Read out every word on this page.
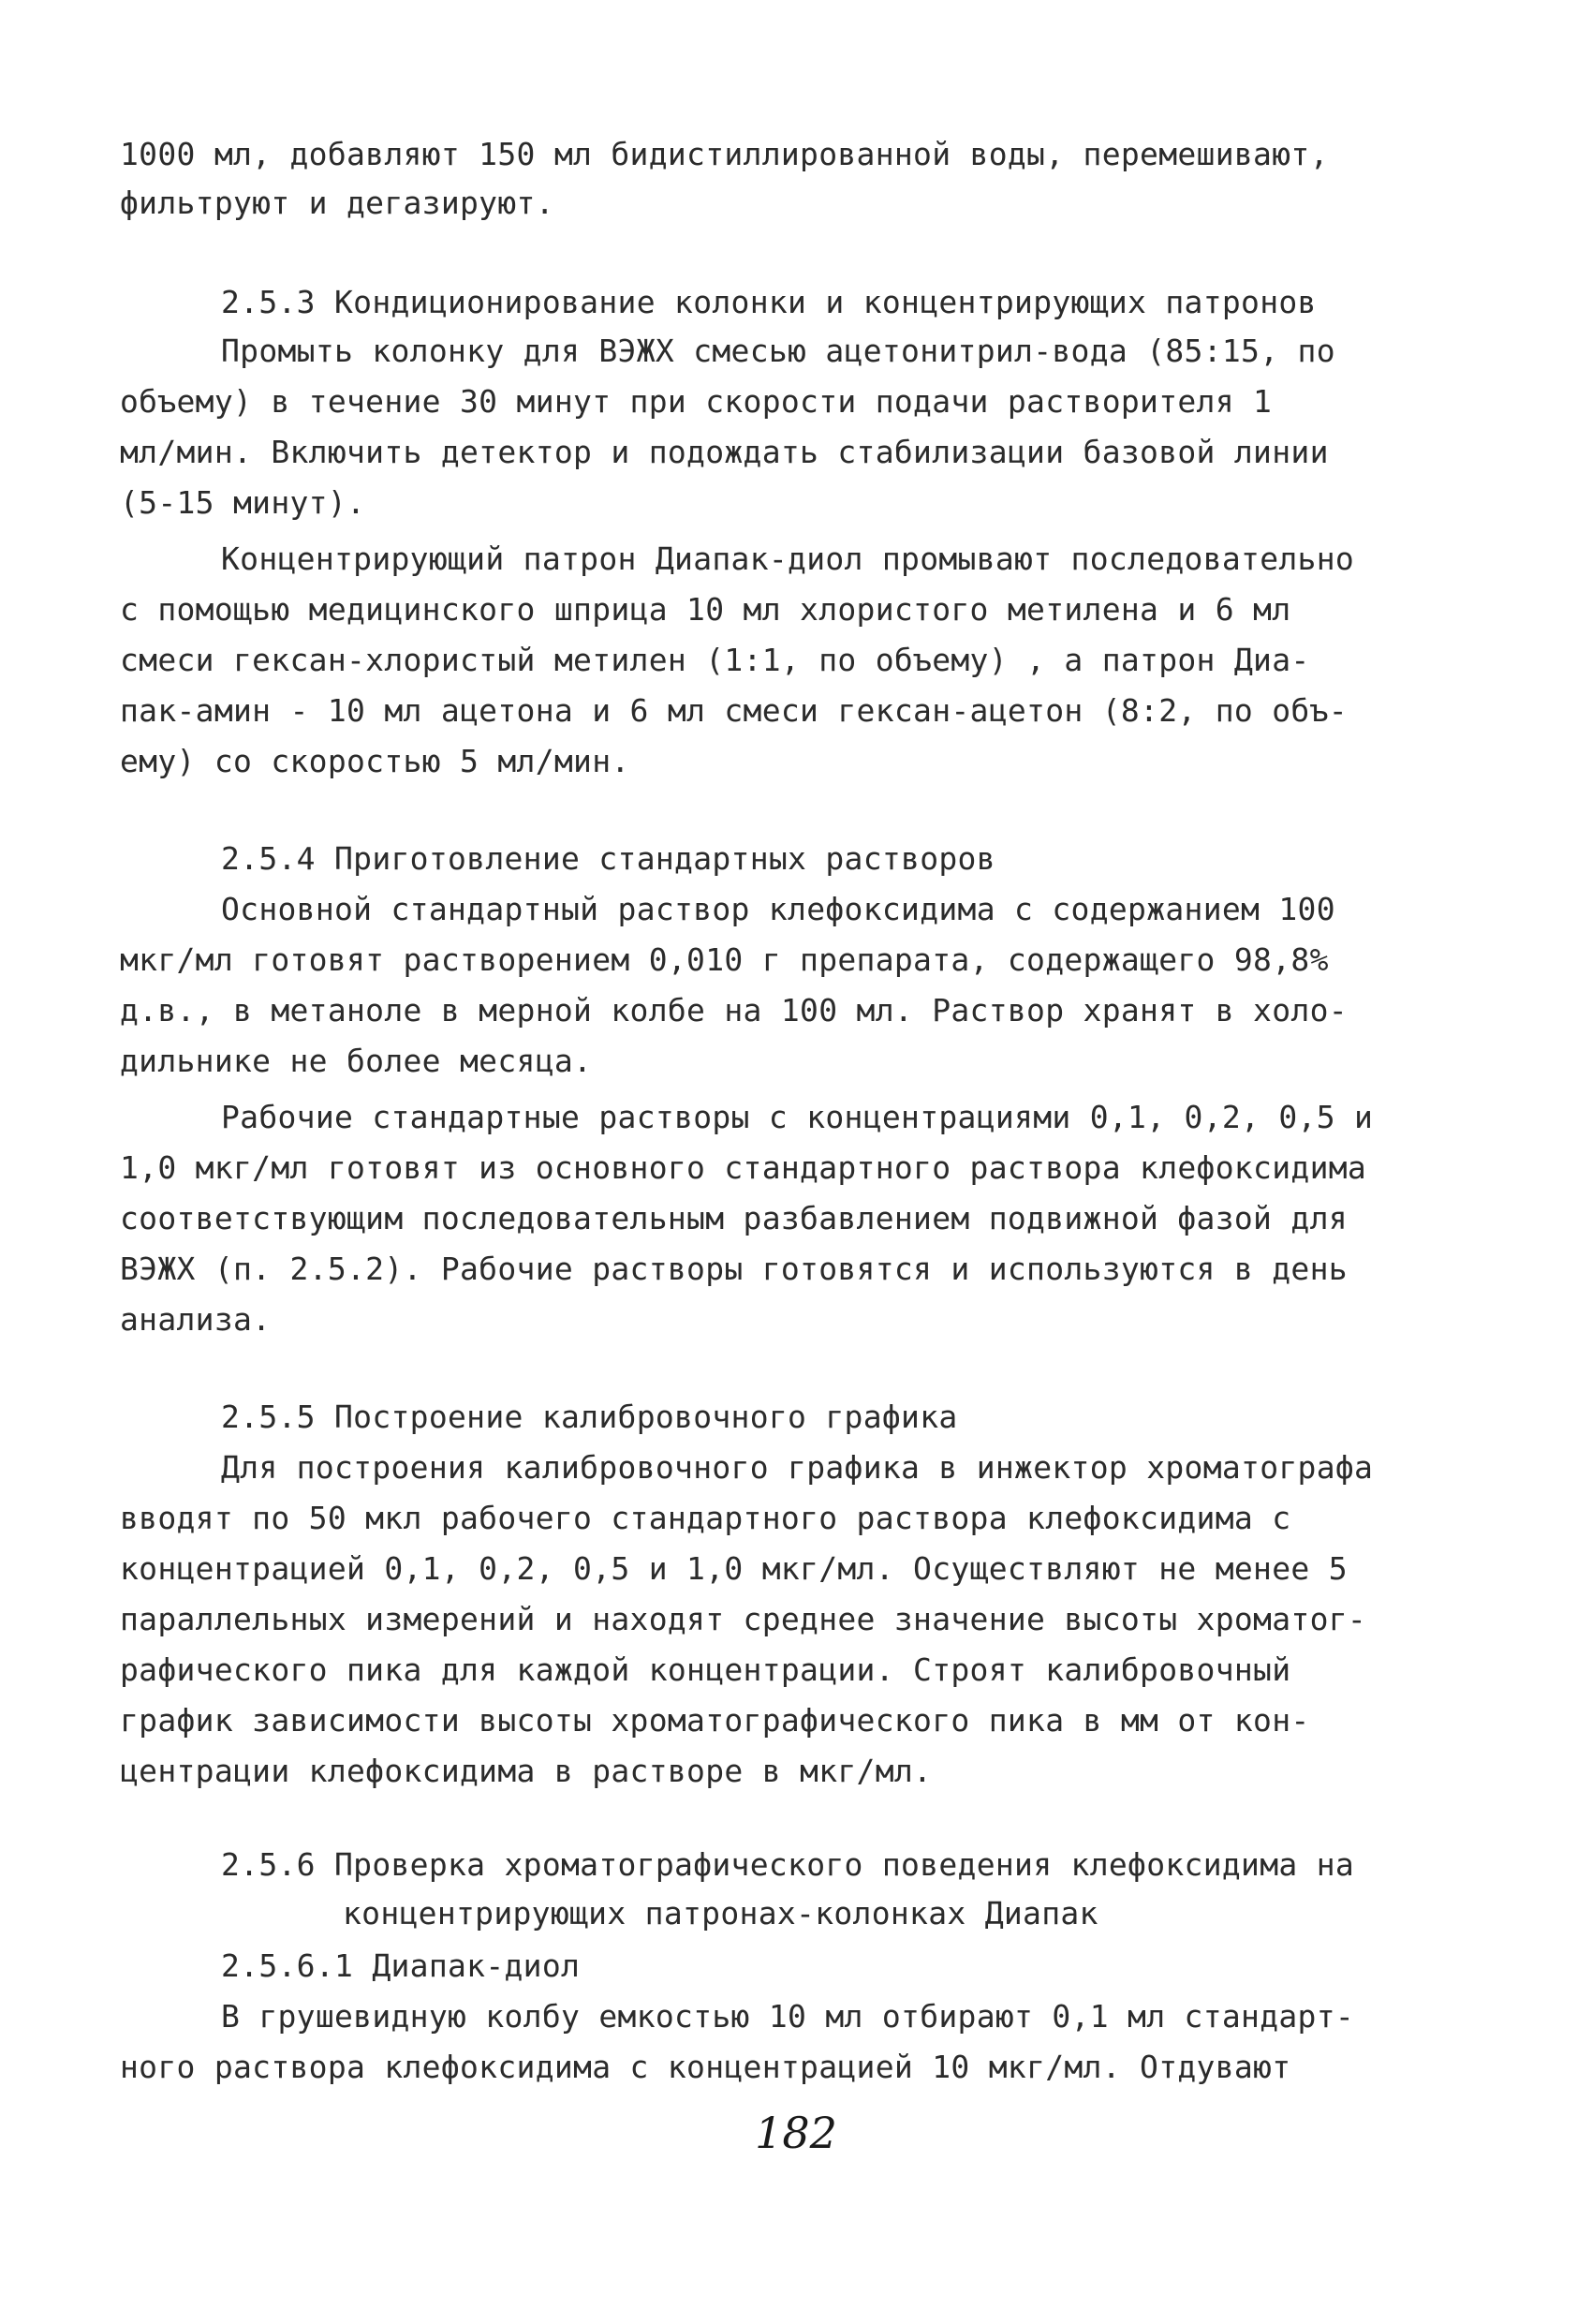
1000 мл, добавляют 150 мл бидистиллированной воды, перемешивают,
фильтруют и дегазируют.
2.5.3 Кондиционирование колонки и концентрирующих патронов
Промыть колонку для ВЭЖХ смесью ацетонитрил-вода (85:15, по
объему) в течение 30 минут при скорости подачи растворителя 1
мл/мин. Включить детектор и подождать стабилизации базовой линии
(5-15 минут).
Концентрирующий патрон Диапак-диол промывают последовательно
с помощью медицинского шприца 10 мл хлористого метилена и 6 мл
смеси гексан-хлористый метилен (1:1, по объему) , а патрон Диа-
пак-амин - 10 мл ацетона и 6 мл смеси гексан-ацетон (8:2, по объ-
ему) со скоростью 5 мл/мин.
2.5.4 Приготовление стандартных растворов
Основной стандартный раствор клефоксидима с содержанием 100
мкг/мл готовят растворением 0,010 г препарата, содержащего 98,8%
д.в., в метаноле в мерной колбе на 100 мл. Раствор хранят в холо-
дильнике не более месяца.
Рабочие стандартные растворы с концентрациями 0,1, 0,2, 0,5 и
1,0 мкг/мл готовят из основного стандартного раствора клефоксидима
соответствующим последовательным разбавлением подвижной фазой для
ВЭЖХ (п. 2.5.2). Рабочие растворы готовятся и используются в день
анализа.
2.5.5 Построение калибровочного графика
Для построения калибровочного графика в инжектор хроматографа
вводят по 50 мкл рабочего стандартного раствора клефоксидима с
концентрацией 0,1, 0,2, 0,5 и 1,0 мкг/мл. Осуществляют не менее 5
параллельных измерений и находят среднее значение высоты хроматог-
рафического пика для каждой концентрации. Строят калибровочный
график зависимости высоты хроматографического пика в мм от кон-
центрации клефоксидима в растворе в мкг/мл.
2.5.6 Проверка хроматографического поведения клефоксидима на
концентрирующих патронах-колонках Диапак
2.5.6.1 Диапак-диол
В грушевидную колбу емкостью 10 мл отбирают 0,1 мл стандарт-
ного раствора клефоксидима с концентрацией 10 мкг/мл. Отдувают
182
